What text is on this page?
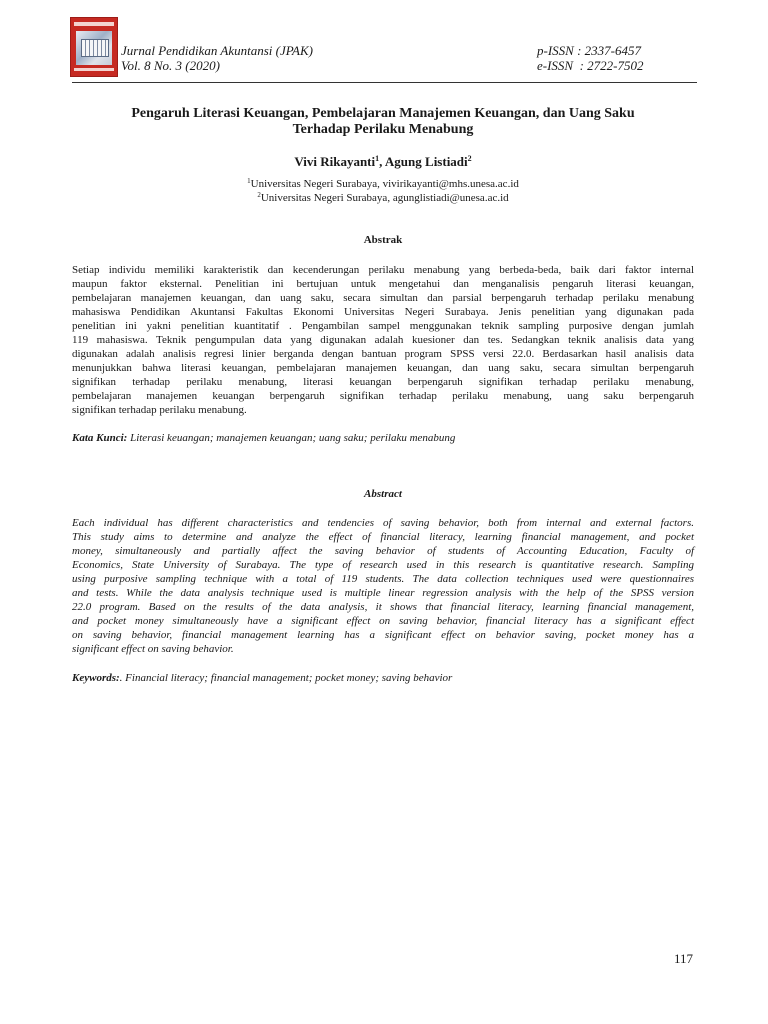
Jurnal Pendidikan Akuntansi (JPAK)
Vol. 8 No. 3 (2020)
p-ISSN : 2337-6457
e-ISSN  : 2722-7502
Pengaruh Literasi Keuangan, Pembelajaran Manajemen Keuangan, dan Uang Saku
Terhadap Perilaku Menabung
Vivi Rikayanti$^1$, Agung Listiadi$^2$
$^1$Universitas Negeri Surabaya, vivirikayanti@mhs.unesa.ac.id
$^2$Universitas Negeri Surabaya, agunglistiadi@unesa.ac.id
Abstrak
Setiap individu memiliki karakteristik dan kecenderungan perilaku menabung yang berbeda-beda, baik dari faktor internal
maupun faktor eksternal. Penelitian ini bertujuan untuk mengetahui dan menganalisis pengaruh literasi keuangan,
pembelajaran manajemen keuangan, dan uang saku, secara simultan dan parsial berpengaruh terhadap perilaku menabung
mahasiswa Pendidikan Akuntansi Fakultas Ekonomi Universitas Negeri Surabaya. Jenis penelitian yang digunakan pada
penelitian ini yakni penelitian kuantitatif . Pengambilan sampel menggunakan teknik sampling purposive dengan jumlah
119 mahasiswa. Teknik pengumpulan data yang digunakan adalah kuesioner dan tes. Sedangkan teknik analisis data yang
digunakan adalah analisis regresi linier berganda dengan bantuan program SPSS versi 22.0. Berdasarkan hasil analisis data
menunjukkan bahwa literasi keuangan, pembelajaran manajemen keuangan, dan uang saku, secara simultan berpengaruh
signifikan terhadap perilaku menabung, literasi keuangan berpengaruh signifikan terhadap perilaku menabung,
pembelajaran manajemen keuangan berpengaruh signifikan terhadap perilaku menabung, uang saku berpengaruh
signifikan terhadap perilaku menabung.
Kata Kunci: Literasi keuangan; manajemen keuangan; uang saku; perilaku menabung
Abstract
Each individual has different characteristics and tendencies of saving behavior, both from internal and external factors.
This study aims to determine and analyze the effect of financial literacy, learning financial management, and pocket
money, simultaneously and partially affect the saving behavior of students of Accounting Education, Faculty of
Economics, State University of Surabaya. The type of research used in this research is quantitative research. Sampling
using purposive sampling technique with a total of 119 students. The data collection techniques used were questionnaires
and tests. While the data analysis technique used is multiple linear regression analysis with the help of the SPSS version
22.0 program. Based on the results of the data analysis, it shows that financial literacy, learning financial management,
and pocket money simultaneously have a significant effect on saving behavior, financial literacy has a significant effect
on saving behavior, financial management learning has a significant effect on behavior saving, pocket money has a
significant effect on saving behavior.
Keywords:. Financial literacy; financial management; pocket money; saving behavior
117
